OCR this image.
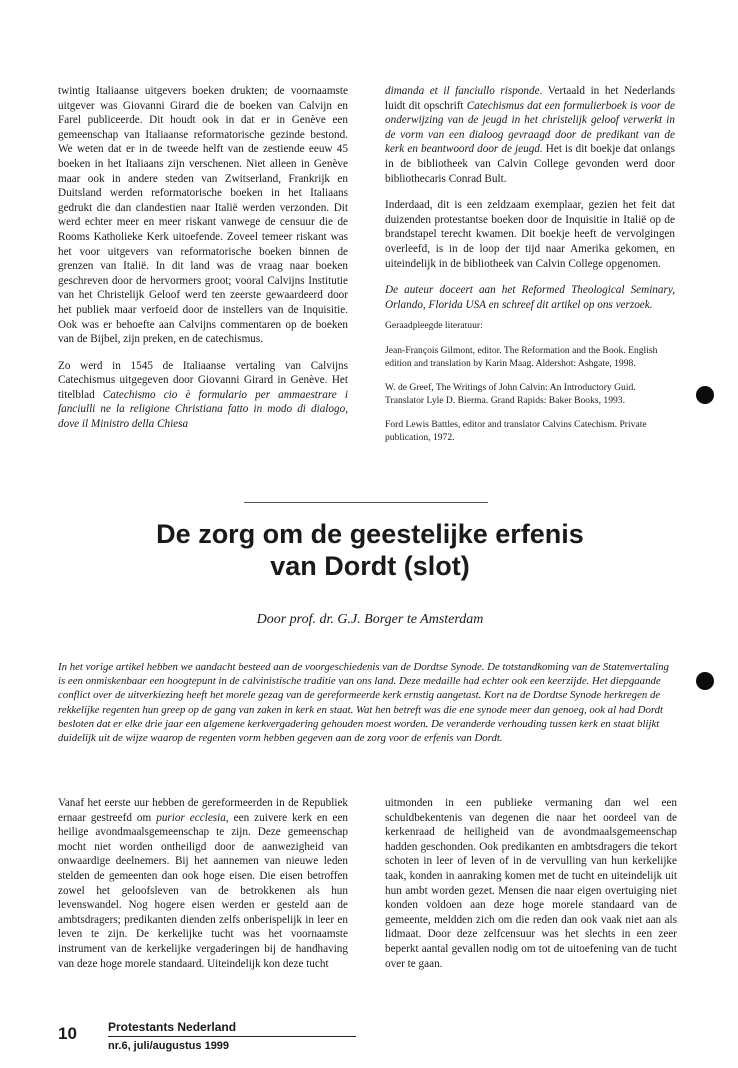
twintig Italiaanse uitgevers boeken drukten; de voornaamste uitgever was Giovanni Girard die de boeken van Calvijn en Farel publiceerde. Dit houdt ook in dat er in Genève een gemeenschap van Italiaanse reformatorische gezinde bestond. We weten dat er in de tweede helft van de zestiende eeuw 45 boeken in het Italiaans zijn verschenen. Niet alleen in Genève maar ook in andere steden van Zwitserland, Frankrijk en Duitsland werden reformatorische boeken in het Italiaans gedrukt die dan clandestien naar Italië werden verzonden. Dit werd echter meer en meer riskant vanwege de censuur die de Rooms Katholieke Kerk uitoefende. Zoveel temeer riskant was het voor uitgevers van reformatorische boeken binnen de grenzen van Italië. In dit land was de vraag naar boeken geschreven door de hervormers groot; vooral Calvijns Institutie van het Christelijk Geloof werd ten zeerste gewaardeerd door het publiek maar verfoeid door de instellers van de Inquisitie. Ook was er behoefte aan Calvijns commentaren op de boeken van de Bijbel, zijn preken, en de catechismus.

Zo werd in 1545 de Italiaanse vertaling van Calvijns Catechismus uitgegeven door Giovanni Girard in Genève. Het titelblad Catechismo cio è formulario per ammaestrare i fanciulli ne la religione Christiana fatto in modo di dialogo, dove il Ministro della Chiesa

dimanda et il fanciullo risponde. Vertaald in het Nederlands luidt dit opschrift Catechismus dat een formulierboek is voor de onderwijzing van de jeugd in het christelijk geloof verwerkt in de vorm van een dialoog gevraagd door de predikant van de kerk en beantwoord door de jeugd. Het is dit boekje dat onlangs in de bibliotheek van Calvin College gevonden werd door bibliothecaris Conrad Bult.

Inderdaad, dit is een zeldzaam exemplaar, gezien het feit dat duizenden protestantse boeken door de Inquisitie in Italië op de brandstapel terecht kwamen. Dit boekje heeft de vervolgingen overleefd, is in de loop der tijd naar Amerika gekomen, en uiteindelijk in de bibliotheek van Calvin College opgenomen.

De auteur doceert aan het Reformed Theological Seminary, Orlando, Florida USA en schreef dit artikel op ons verzoek.

Geraadpleegde literatuur:

Jean-François Gilmont, editor. The Reformation and the Book. English edition and translation by Karin Maag. Aldershot: Ashgate, 1998.

W. de Greef, The Writings of John Calvin: An Introductory Guid. Translator Lyle D. Bierma. Grand Rapids: Baker Books, 1993.

Ford Lewis Battles, editor and translator Calvins Catechism. Private publication, 1972.

De zorg om de geestelijke erfenis
van Dordt (slot)

Door prof. dr. G.J. Borger te Amsterdam

In het vorige artikel hebben we aandacht besteed aan de voorgeschiedenis van de Dordtse Synode. De totstandkoming van de Statenvertaling is een onmiskenbaar een hoogtepunt in de calvinistische traditie van ons land. Deze medaille had echter ook een keerzijde. Het diepgaande conflict over de uitverkiezing heeft het morele gezag van de gereformeerde kerk ernstig aangetast. Kort na de Dordtse Synode herkregen de rekkelijke regenten hun greep op de gang van zaken in kerk en staat. Wat hen betreft was die ene synode meer dan genoeg, ook al had Dordt besloten dat er elke drie jaar een algemene kerkvergadering gehouden moest worden. De veranderde verhouding tussen kerk en staat blijkt duidelijk uit de wijze waarop de regenten vorm hebben gegeven aan de zorg voor de erfenis van Dordt.

Vanaf het eerste uur hebben de gereformeerden in de Republiek ernaar gestreefd om purior ecclesia, een zuivere kerk en een heilige avondmaalsgemeenschap te zijn. Deze gemeenschap mocht niet worden ontheiligd door de aanwezigheid van onwaardige deelnemers. Bij het aannemen van nieuwe leden stelden de gemeenten dan ook hoge eisen. Die eisen betroffen zowel het geloofsleven van de betrokkenen als hun levenswandel. Nog hogere eisen werden er gesteld aan de ambtsdragers; predikanten dienden zelfs onberispelijk in leer en leven te zijn. De kerkelijke tucht was het voornaamste instrument van de kerkelijke vergaderingen bij de handhaving van deze hoge morele standaard. Uiteindelijk kon deze tucht

uitmonden in een publieke vermaning dan wel een schuldbekentenis van degenen die naar het oordeel van de kerkenraad de heiligheid van de avondmaalsgemeenschap hadden geschonden. Ook predikanten en ambtsdragers die tekort schoten in leer of leven of in de vervulling van hun kerkelijke taak, konden in aanraking komen met de tucht en uiteindelijk uit hun ambt worden gezet. Mensen die naar eigen overtuiging niet konden voldoen aan deze hoge morele standaard van de gemeente, meldden zich om die reden dan ook vaak niet aan als lidmaat. Door deze zelfcensuur was het slechts in een zeer beperkt aantal gevallen nodig om tot de uitoefening van de tucht over te gaan.

10	Protestants Nederland
nr.6, juli/augustus 1999
